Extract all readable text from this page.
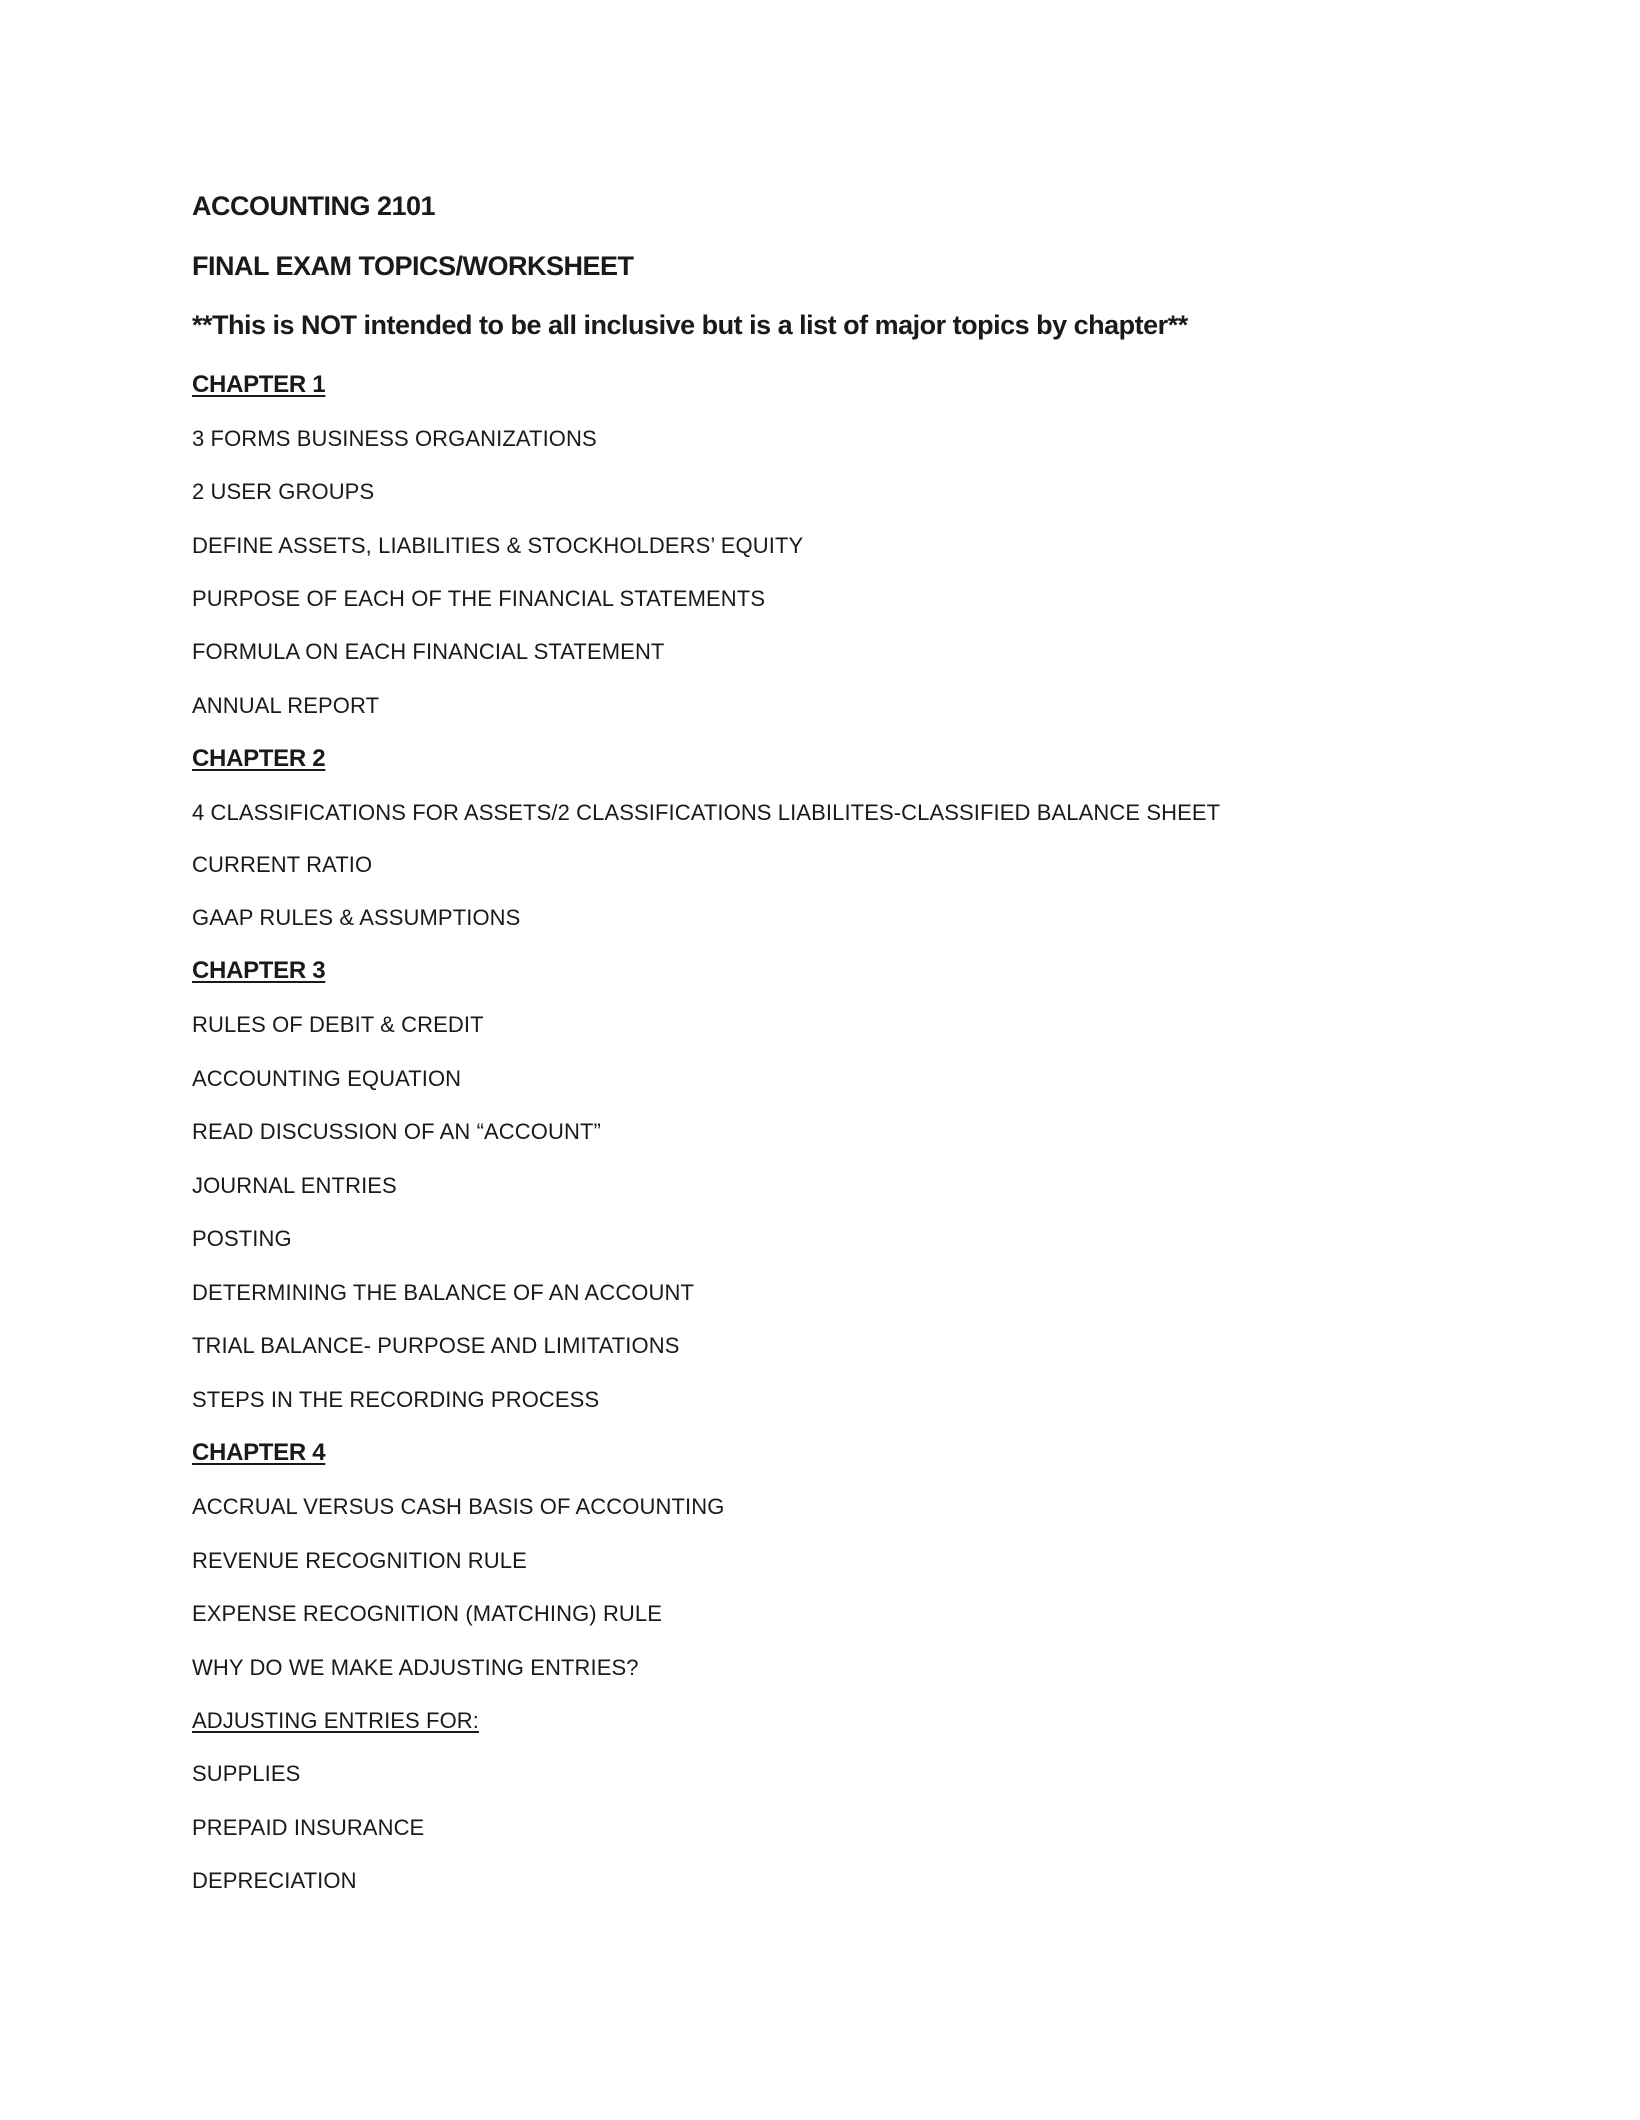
ACCOUNTING 2101
FINAL EXAM TOPICS/WORKSHEET
**This is NOT intended to be all inclusive but is a list of major topics by chapter**
CHAPTER 1
3 FORMS BUSINESS ORGANIZATIONS
2 USER GROUPS
DEFINE ASSETS, LIABILITIES & STOCKHOLDERS’ EQUITY
PURPOSE OF EACH OF THE FINANCIAL STATEMENTS
FORMULA ON EACH FINANCIAL STATEMENT
ANNUAL REPORT
CHAPTER 2
4 CLASSIFICATIONS FOR ASSETS/2 CLASSIFICATIONS LIABILITES-CLASSIFIED BALANCE SHEET
CURRENT RATIO
GAAP RULES & ASSUMPTIONS
CHAPTER 3
RULES OF DEBIT & CREDIT
ACCOUNTING EQUATION
READ DISCUSSION OF AN “ACCOUNT”
JOURNAL ENTRIES
POSTING
DETERMINING THE BALANCE OF AN ACCOUNT
TRIAL BALANCE- PURPOSE AND LIMITATIONS
STEPS IN THE RECORDING PROCESS
CHAPTER 4
ACCRUAL VERSUS CASH BASIS OF ACCOUNTING
REVENUE RECOGNITION RULE
EXPENSE RECOGNITION (MATCHING) RULE
WHY DO WE MAKE ADJUSTING ENTRIES?
ADJUSTING ENTRIES FOR:
SUPPLIES
PREPAID INSURANCE
DEPRECIATION
